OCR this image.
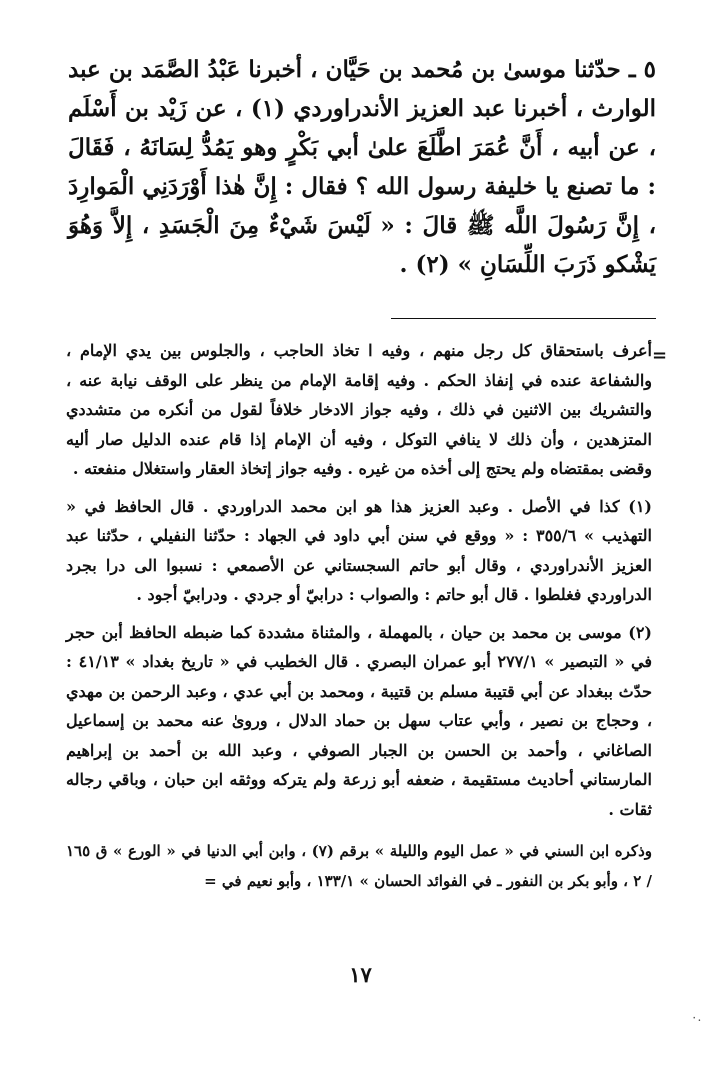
٥ ـ حدّثنا موسىٰ بن مُحمد بن حَيَّان ، أخبرنا عَبْدُ الصَّمَد بن عبد الوارث ، أخبرنا عبد العزيز الأندراوردي (١) ، عن زَيْد بن أَسْلَم ، عن أبيه ، أَنَّ عُمَرَ اطَّلَعَ علىٰ أبي بَكْرٍ وهو يَمُدُّ لِسَانَهُ ، فَقَالَ : ما تصنع يا خليفة رسول الله ؟ فقال : إِنَّ هٰذا أَوْرَدَنِي الْمَوارِدَ ، إِنَّ رَسُولَ اللَّه ﷺ قالَ : « لَيْسَ شَيْءٌ مِنَ الْجَسَدِ ، إِلاَّ وَهُوَ يَشْكو ذَرَبَ اللِّسَانِ » (٢) .

=

أعرف باستحقاق كل رجل منهم ، وفيه ا تخاذ الحاجب ، والجلوس بين يدي الإمام ، والشفاعة عنده في إنفاذ الحكم . وفيه إقامة الإمام من ينظر على الوقف نيابة عنه ، والتشريك بين الاثنين في ذلك ، وفيه جواز الادخار خلافاً لقول من أنكره من متشددي المتزهدين ، وأن ذلك لا ينافي التوكل ، وفيه أن الإمام إذا قام عنده الدليل صار أليه وقضى بمقتضاه ولم يحتج إلى أخذه من غيره . وفيه جواز إتخاذ العقار واستغلال منفعته .

(١) كذا في الأصل . وعبد العزيز هذا هو ابن محمد الدراوردي . قال الحافظ في « التهذيب » ٣٥٥/٦ : « ووقع في سنن أبي داود في الجهاد : حدّثنا النفيلي ، حدّثنا عبد العزيز الأندراوردي ، وقال أبو حاتم السجستاني عن الأصمعي : نسبوا الى درا بجرد الدراوردي فغلطوا . قال أبو حاتم : والصواب : درابيّ أو جردي . ودرابيّ أجود .

(٢) موسى بن محمد بن حيان ، بالمهملة ، والمثناة مشددة كما ضبطه الحافظ أبن حجر في « التبصير » ٢٧٧/١ أبو عمران البصري . قال الخطيب في « تاريخ بغداد » ٤١/١٣ : حدّث ببغداد عن أبي قتيبة مسلم بن قتيبة ، ومحمد بن أبي عدي ، وعبد الرحمن بن مهدي ، وحجاج بن نصير ، وأبي عتاب سهل بن حماد الدلال ، وروىٰ عنه محمد بن إسماعيل الصاغاني ، وأحمد بن الحسن بن الجبار الصوفي ، وعبد الله بن أحمد بن إبراهيم المارستاني أحاديث مستقيمة ، ضعفه أبو زرعة ولم يتركه ووثقه ابن حبان ، وباقي رجاله ثقات .

وذكره ابن السني في « عمل اليوم والليلة » برقم (٧) ، وابن أبي الدنيا في « الورع » ق ١٦٥ / ٢ ، وأبو بكر بن النفور ـ في الفوائد الحسان » ١٣٣/١ ، وأبو نعيم في =

١٧
٠.
